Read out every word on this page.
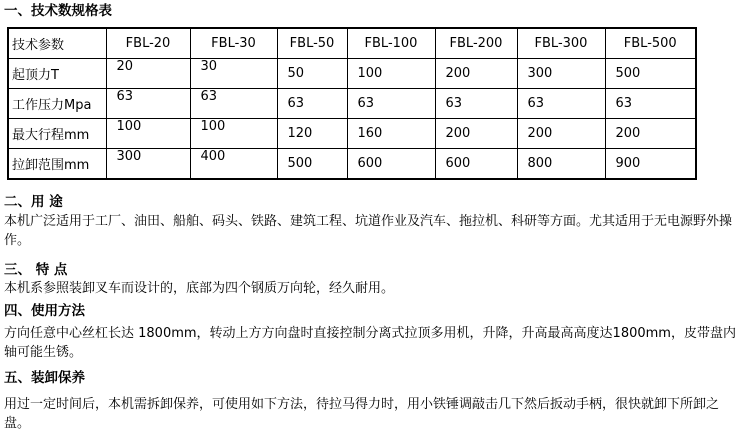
一、技术数规格表
技术参数	FBL-20	FBL-30	FBL-50	FBL-100	FBL-200	FBL-300	FBL-500
起顶力T	20	30	50	100	200	300	500
工作压力Mpa	63	63	63	63	63	63	63
最大行程mm	100	100	120	160	200	200	200
拉卸范围mm	300	400	500	600	600	800	900
二、用 途

本机广泛适用于工厂、油田、船舶、码头、铁路、建筑工程、坑道作业及汽车、拖拉机、科研等方面。尤其适用于无电源野外操作。

三、 特 点

本机系参照装卸叉车而设计的，底部为四个钢质万向轮，经久耐用。

四、使用方法

方向任意中心丝杠长达 1800mm，转动上方方向盘时直接控制分离式拉顶多用机，升降，升高最高高度达1800mm，皮带盘内轴可能生锈。

五、装卸保养

用过一定时间后，本机需拆卸保养，可使用如下方法，待拉马得力时，用小铁锤调敲击几下然后扳动手柄，很快就卸下所卸之盘。
